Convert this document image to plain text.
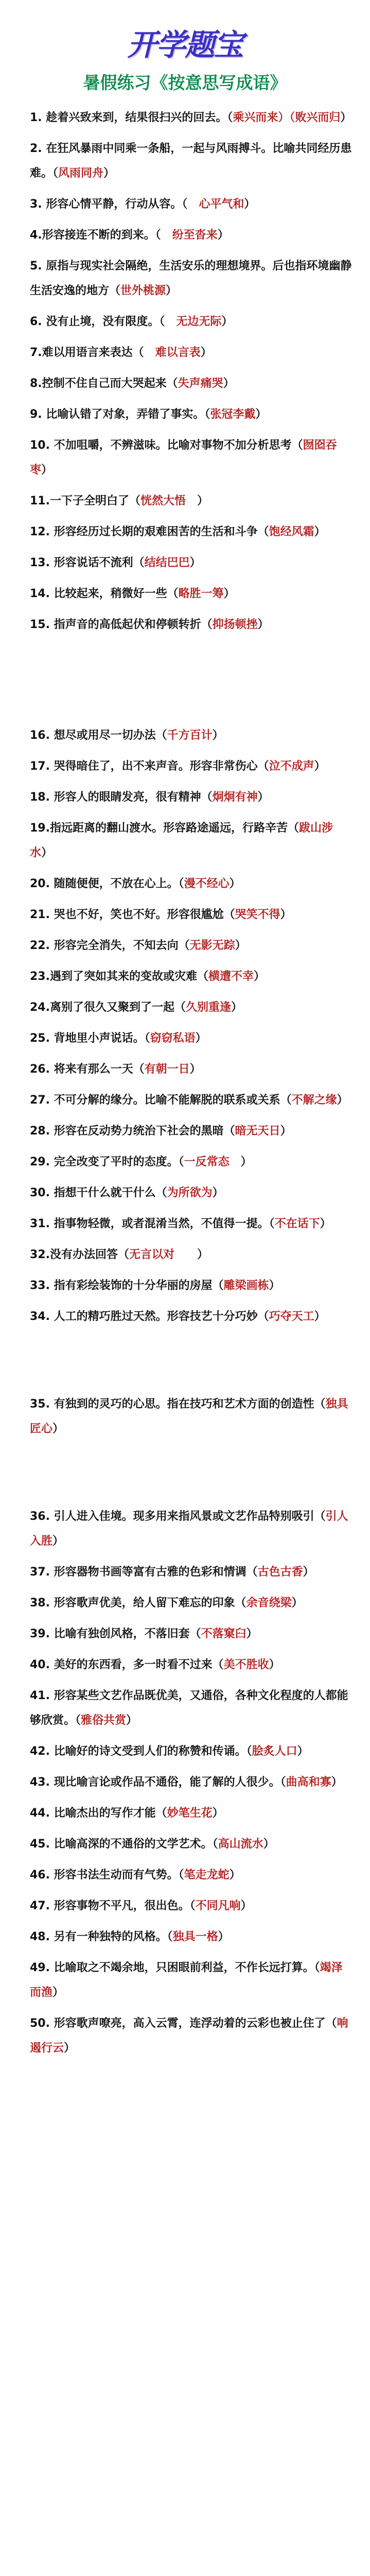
开学题宝
暑假练习《按意思写成语》
1. 趁着兴致来到，结果很扫兴的回去。（乘兴而来）（败兴而归）
2. 在狂风暴雨中同乘一条船，一起与风雨搏斗。比喻共同经历患难。（风雨同舟）
3. 形容心情平静，行动从容。（　心平气和）
4.形容接连不断的到来。（　纷至沓来）
5. 原指与现实社会隔绝，生活安乐的理想境界。后也指环境幽静生活安逸的地方（世外桃源）
6. 没有止境，没有限度。（　无边无际）
7.难以用语言来表达（　难以言表）
8.控制不住自己而大哭起来（失声痛哭）
9. 比喻认错了对象，弄错了事实。（张冠李戴）
10. 不加咀嚼，不辨滋味。比喻对事物不加分析思考（囫囵吞枣）
11.一下子全明白了（恍然大悟　）
12. 形容经历过长期的艰难困苦的生活和斗争（饱经风霜）
13. 形容说话不流利（结结巴巴）
14. 比较起来，稍微好一些（略胜一筹）
15. 指声音的高低起伏和停顿转折（抑扬顿挫）
16. 想尽或用尽一切办法（千方百计）
17. 哭得暗住了，出不来声音。形容非常伤心（泣不成声）
18. 形容人的眼睛发亮，很有精神（炯炯有神）
19.指远距离的翻山渡水。形容路途遥远，行路辛苦（跋山涉水）
20. 随随便便，不放在心上。（漫不经心）
21. 哭也不好，笑也不好。形容很尴尬（哭笑不得）
22. 形容完全消失，不知去向（无影无踪）
23.遇到了突如其来的变故或灾难（横遭不幸）
24.离别了很久又聚到了一起（久别重逢）
25. 背地里小声说话。（窃窃私语）
26. 将来有那么一天（有朝一日）
27. 不可分解的缘分。比喻不能解脱的联系或关系（不解之缘）
28. 形容在反动势力统治下社会的黑暗（暗无天日）
29. 完全改变了平时的态度。（一反常态　）
30. 指想干什么就干什么（为所欲为）
31. 指事物轻微，或者混淆当然，不值得一提。（不在话下）
32.没有办法回答（无言以对　　）
33. 指有彩绘装饰的十分华丽的房屋（雕梁画栋）
34. 人工的精巧胜过天然。形容技艺十分巧妙（巧夺天工）
35. 有独到的灵巧的心思。指在技巧和艺术方面的创造性（独具匠心）
36. 引人进入佳境。现多用来指风景或文艺作品特别吸引（引人入胜）
37. 形容器物书画等富有古雅的色彩和情调（古色古香）
38. 形容歌声优美，给人留下难忘的印象（余音绕梁）
39. 比喻有独创风格，不落旧套（不落窠臼）
40. 美好的东西看，多一时看不过来（美不胜收）
41. 形容某些文艺作品既优美，又通俗，各种文化程度的人都能够欣赏。（雅俗共赏）
42. 比喻好的诗文受到人们的称赞和传诵。（脍炙人口）
43. 现比喻言论或作品不通俗，能了解的人很少。（曲高和寡）
44. 比喻杰出的写作才能（妙笔生花）
45. 比喻高深的不通俗的文学艺术。（高山流水）
46. 形容书法生动而有气势。（笔走龙蛇）
47. 形容事物不平凡，很出色。（不同凡响）
48. 另有一种独特的风格。（独具一格）
49. 比喻取之不竭余地，只困眼前利益，不作长远打算。（竭泽而渔）
50. 形容歌声嘹亮，高入云霄，连浮动着的云彩也被止住了（响遏行云）
